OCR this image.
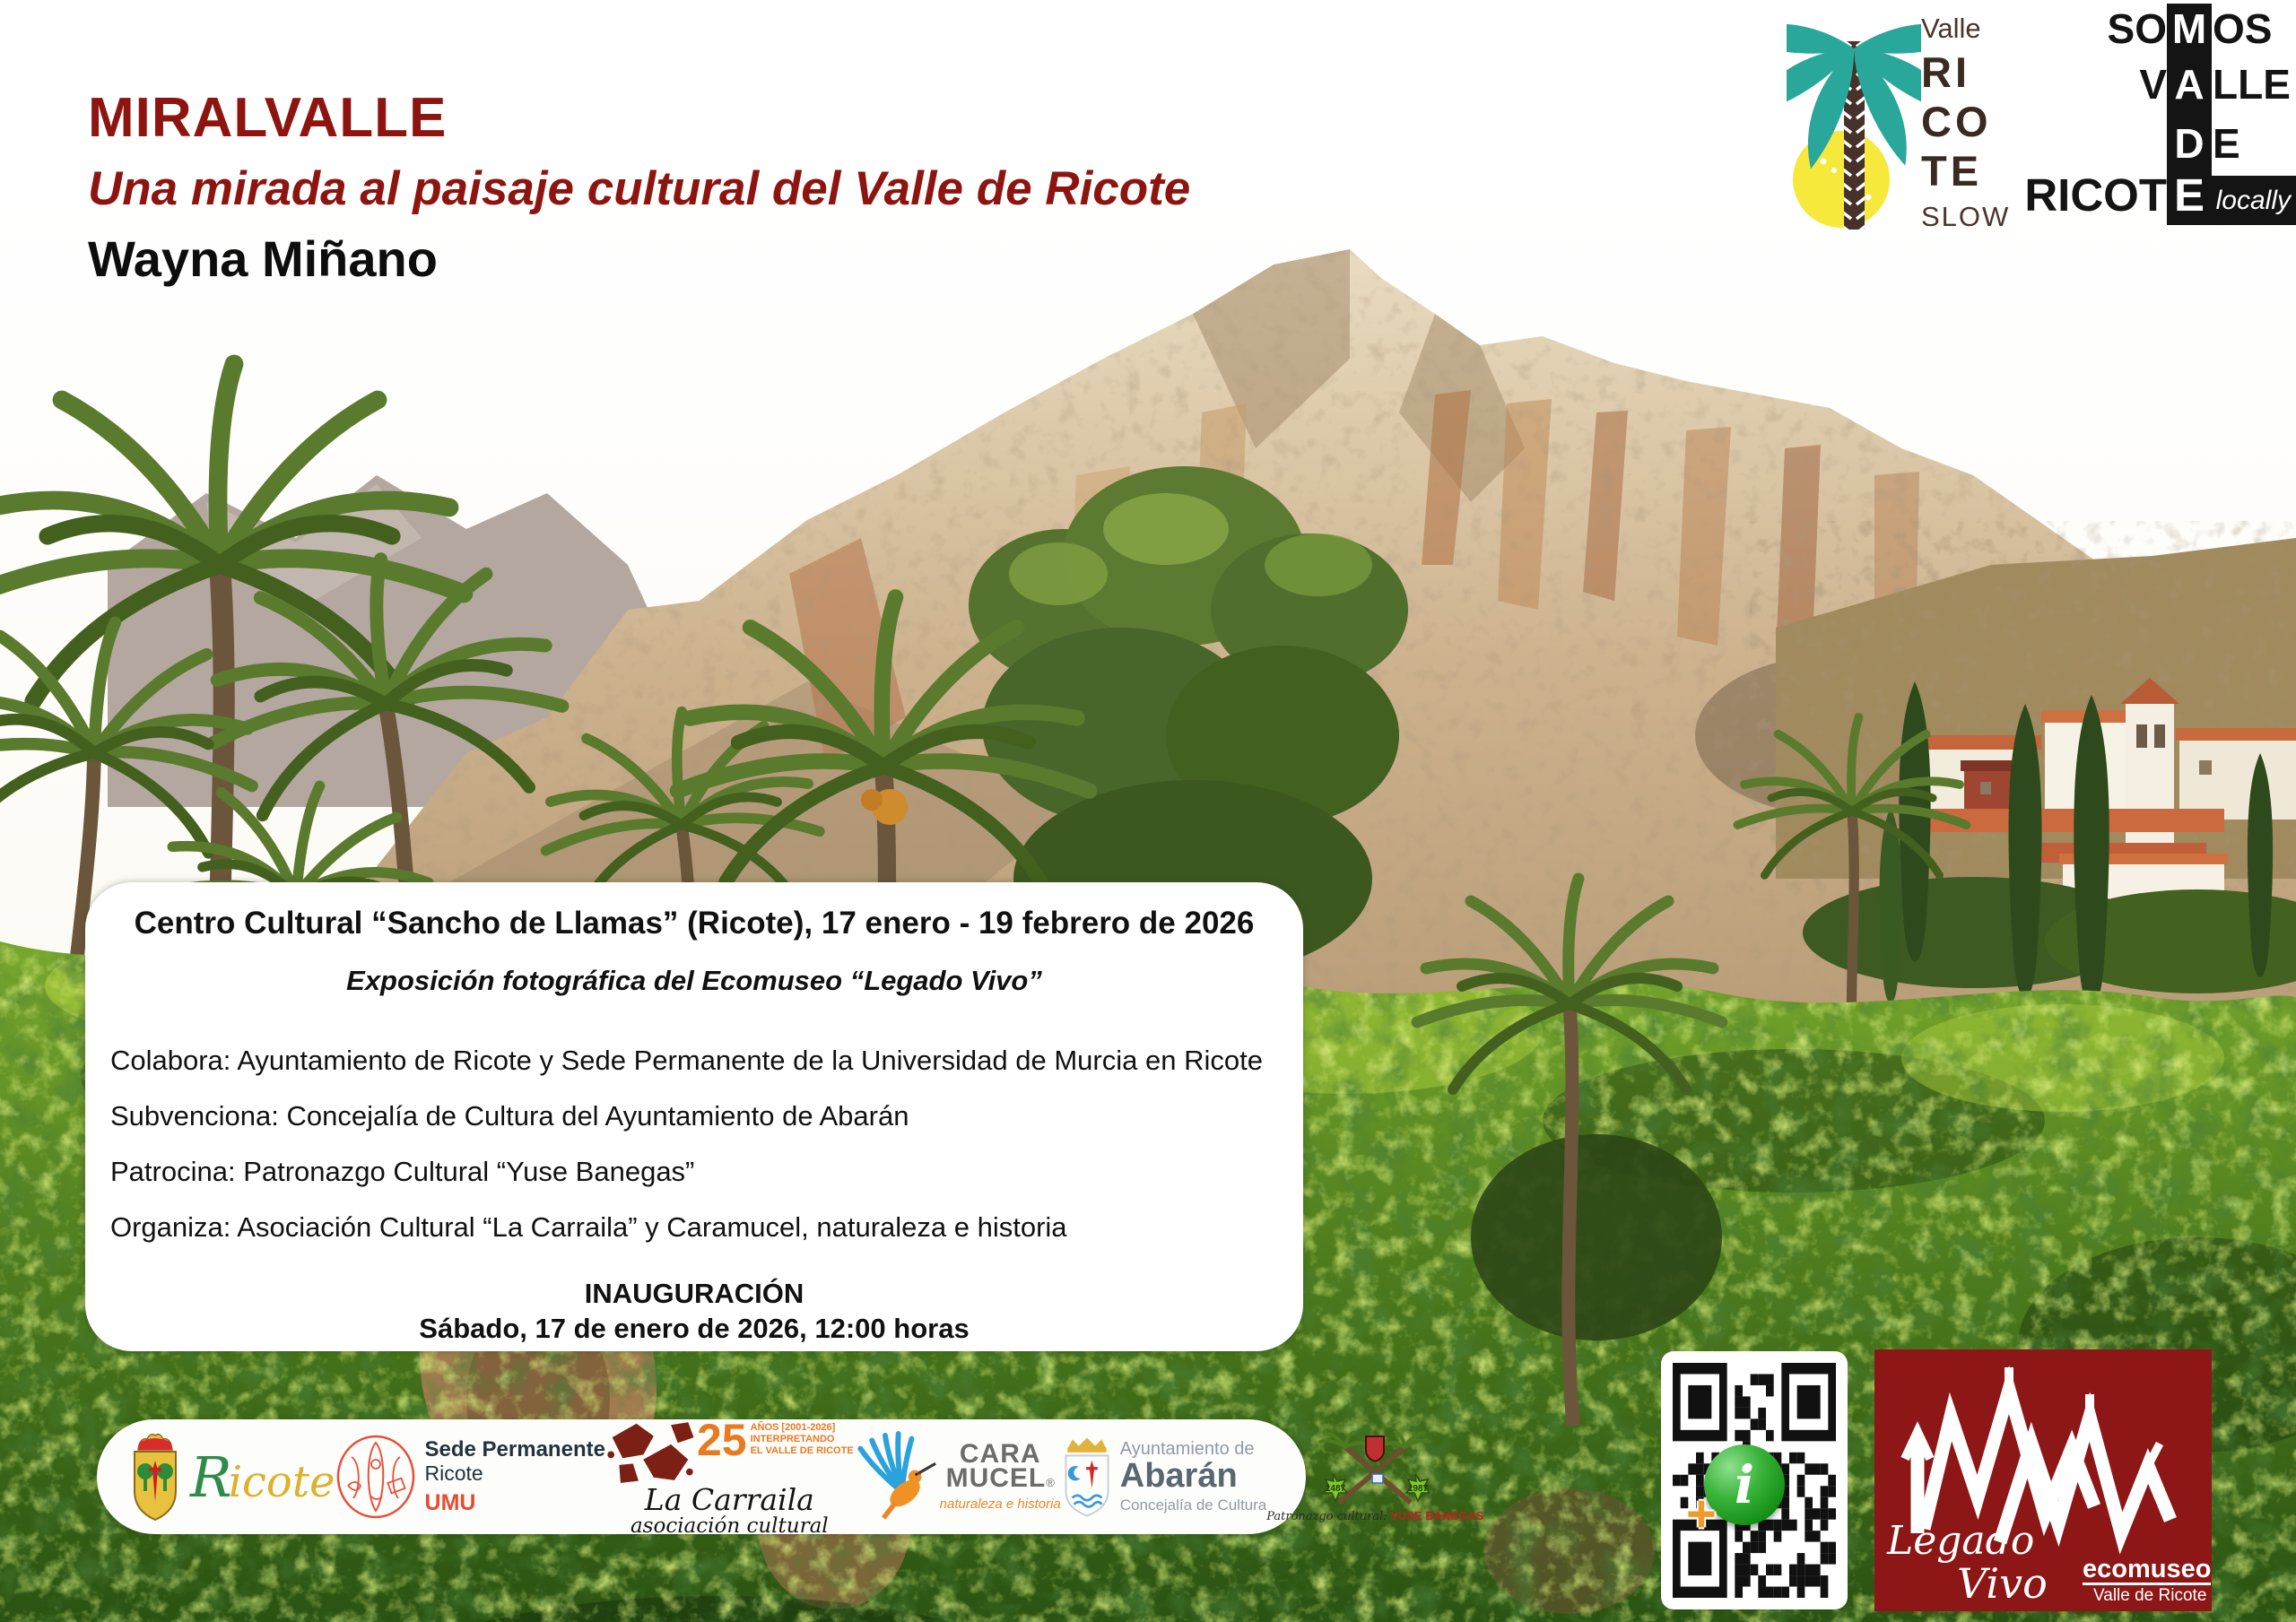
MIRALVALLE
Una mirada al paisaje cultural del Valle de Ricote
Wayna Miñano
Valle
RI
CO
TE
SLOW
locally
SO M OS
V A LLE
D E
RICOT E
Centro Cultural “Sancho de Llamas” (Ricote), 17 enero - 19 febrero de 2026
Exposición fotográfica del Ecomuseo “Legado Vivo”
Colabora: Ayuntamiento de Ricote y Sede Permanente de la Universidad de Murcia en Ricote
Subvenciona: Concejalía de Cultura del Ayuntamiento de Abarán
Patrocina: Patronazgo Cultural “Yuse Banegas”
Organiza: Asociación Cultural “La Carraila” y Caramucel, naturaleza e historia
INAUGURACIÓN
Sábado, 17 de enero de 2026, 12:00 horas
Ricote
Sede Permanente
Ricote
UMU
25 AÑOS [2001-2026]
INTERPRETANDO
EL VALLE DE RICOTE
La Carraila
asociación cultural
CARA
MUCEL®
naturaleza e historia
Ayuntamiento de
Abarán
Concejalía de Cultura
1487	1987
Patronazgo cultural: YUSE BANEGAS	i
+	Legado
Vivo ecomuseo
Valle de Ricote
